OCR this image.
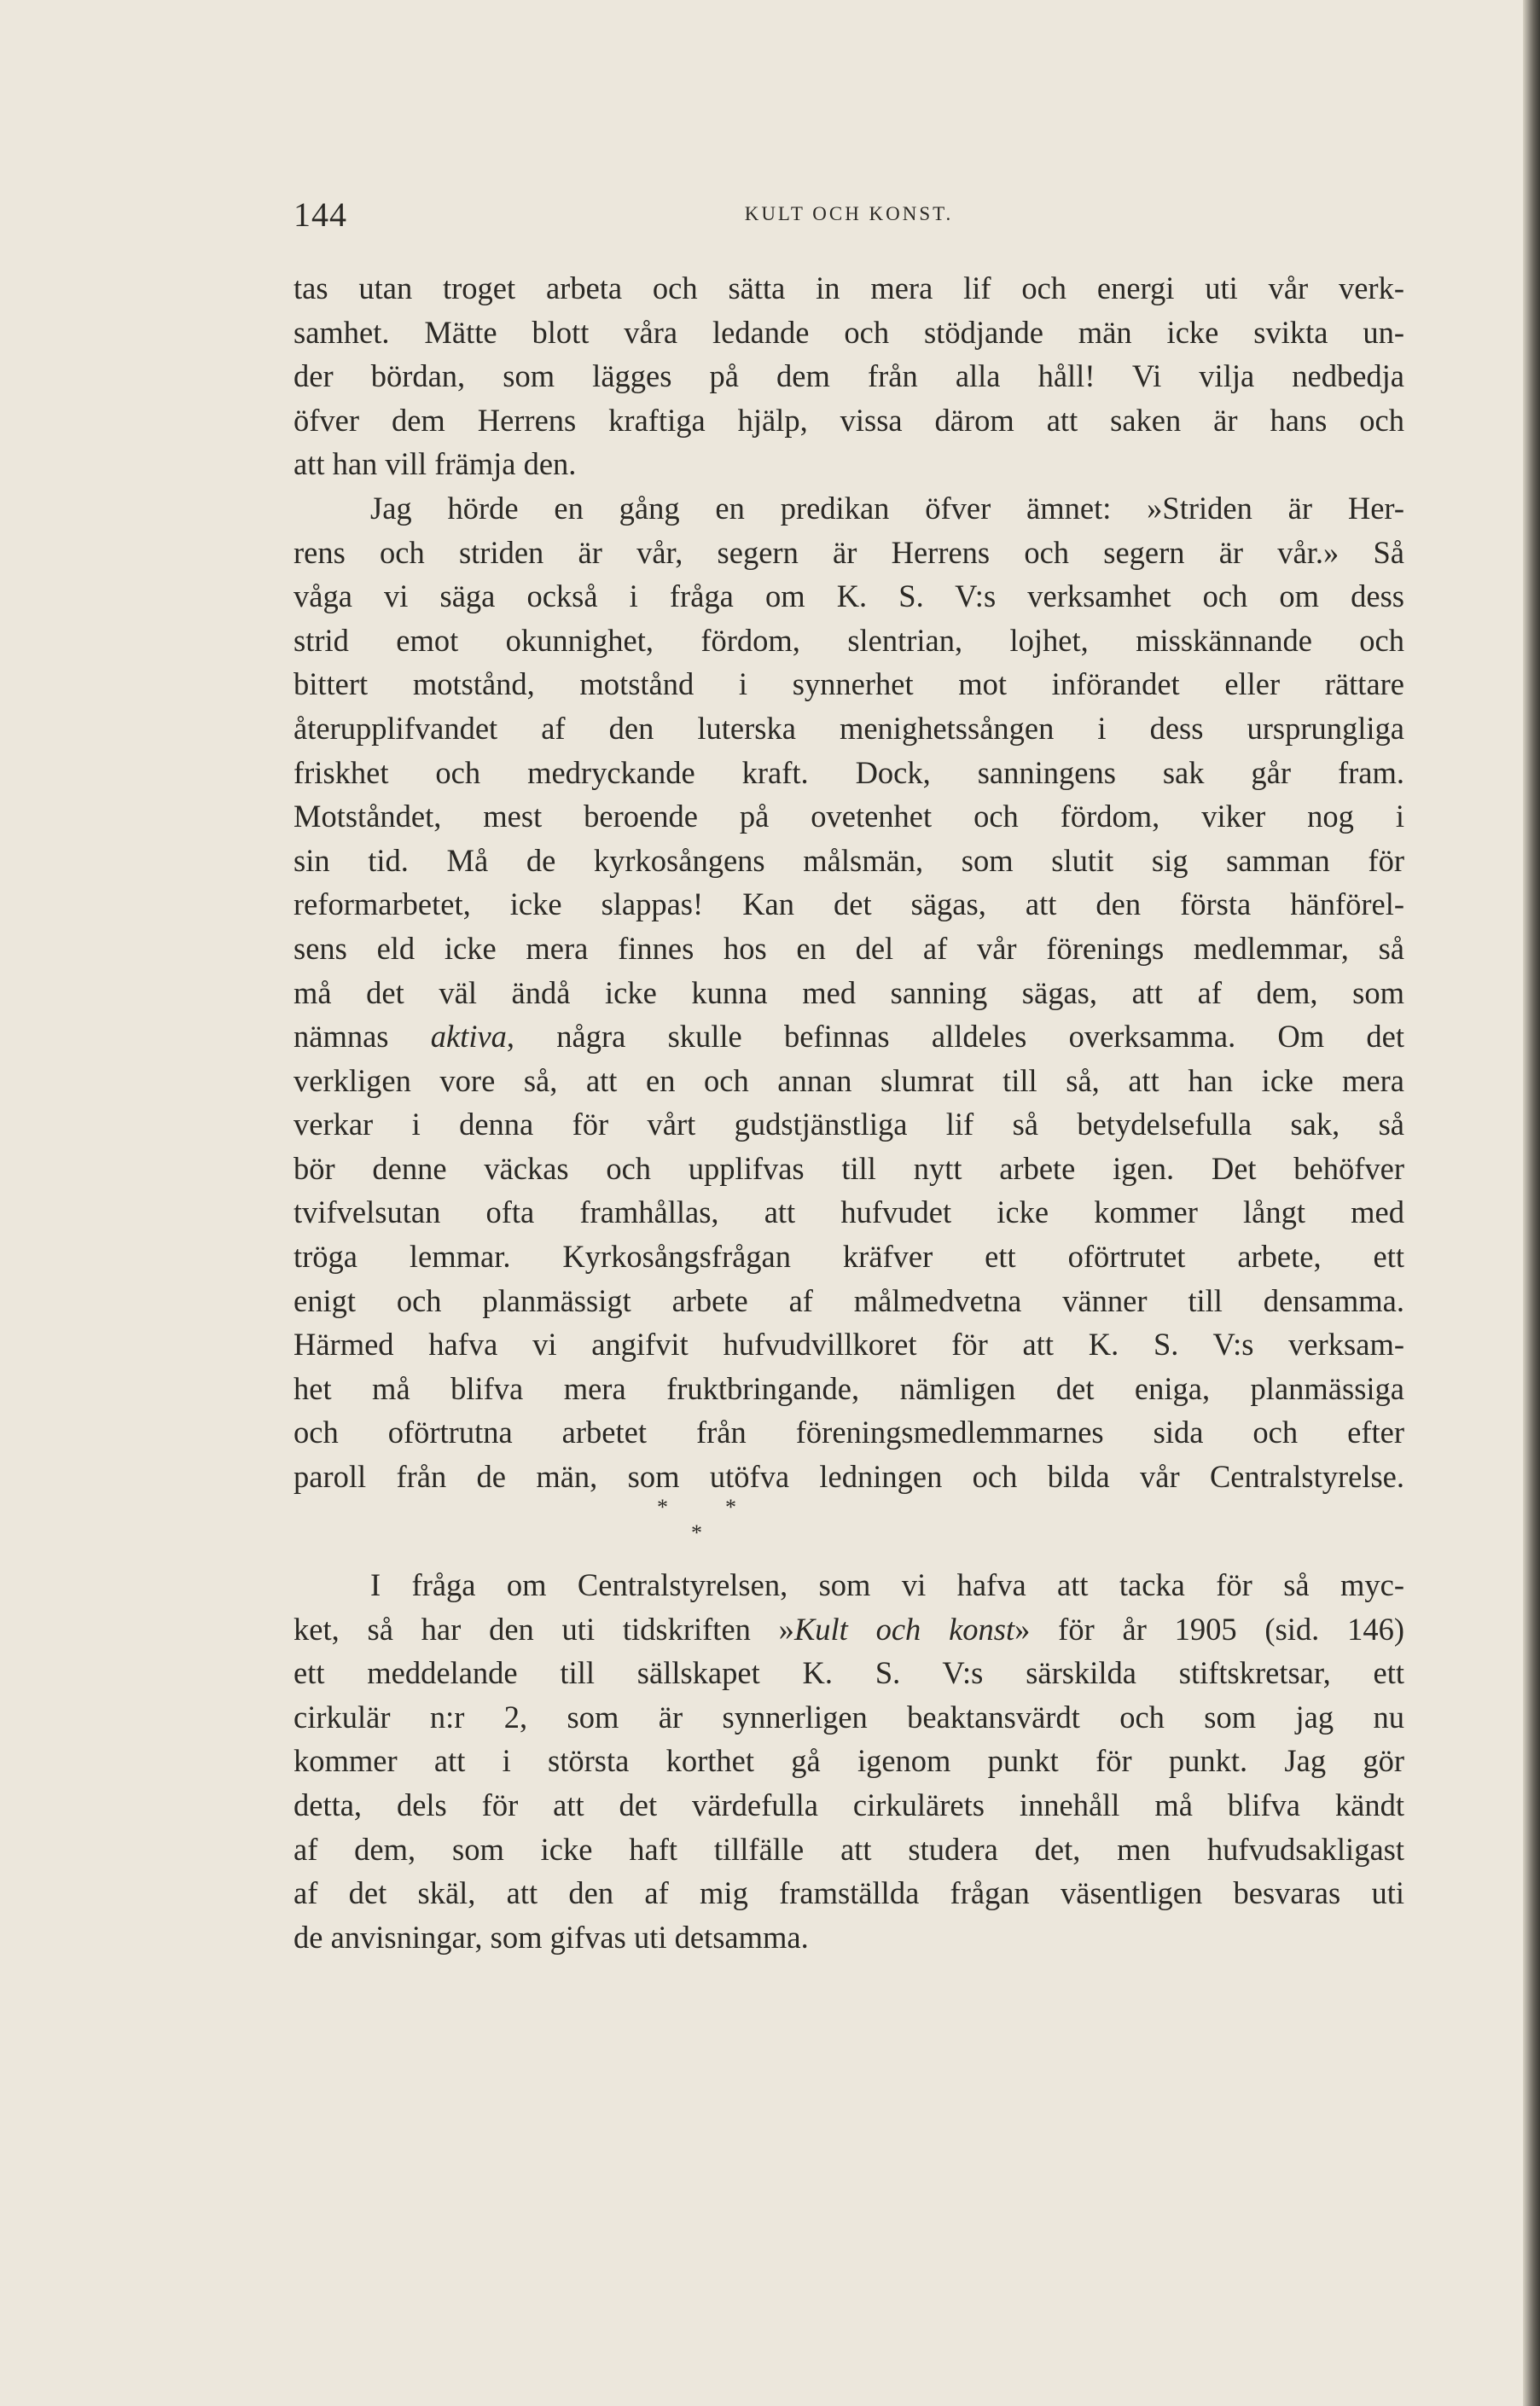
144	KULT OCH KONST.
tas utan troget arbeta och sätta in mera lif och energi uti vår verk-
samhet. Mätte blott våra ledande och stödjande män icke svikta un-
der bördan, som lägges på dem från alla håll! Vi vilja nedbedja
öfver dem Herrens kraftiga hjälp, vissa därom att saken är hans och
att han vill främja den.
Jag hörde en gång en predikan öfver ämnet: »Striden är Her-
rens och striden är vår, segern är Herrens och segern är vår.» Så
våga vi säga också i fråga om K. S. V:s verksamhet och om dess
strid emot okunnighet, fördom, slentrian, lojhet, misskännande och
bittert motstånd, motstånd i synnerhet mot införandet eller rättare
återupplifvandet af den luterska menighetssången i dess ursprungliga
friskhet och medryckande kraft. Dock, sanningens sak går fram.
Motståndet, mest beroende på ovetenhet och fördom, viker nog i
sin tid. Må de kyrkosångens målsmän, som slutit sig samman för
reformarbetet, icke slappas! Kan det sägas, att den första hänförel-
sens eld icke mera finnes hos en del af vår förenings medlemmar, så
må det väl ändå icke kunna med sanning sägas, att af dem, som
nämnas aktiva, några skulle befinnas alldeles overksamma. Om det
verkligen vore så, att en och annan slumrat till så, att han icke mera
verkar i denna för vårt gudstjänstliga lif så betydelsefulla sak, så
bör denne väckas och upplifvas till nytt arbete igen. Det behöfver
tvifvelsutan ofta framhållas, att hufvudet icke kommer långt med
tröga lemmar. Kyrkosångsfrågan kräfver ett oförtrutet arbete, ett
enigt och planmässigt arbete af målmedvetna vänner till densamma.
Härmed hafva vi angifvit hufvudvillkoret för att K. S. V:s verksam-
het må blifva mera fruktbringande, nämligen det eniga, planmässiga
och oförtrutna arbetet från föreningsmedlemmarnes sida och efter
paroll från de män, som utöfva ledningen och bilda vår Centralstyrelse.
*	*
*
I fråga om Centralstyrelsen, som vi hafva att tacka för så myc-
ket, så har den uti tidskriften »Kult och konst» för år 1905 (sid. 146)
ett meddelande till sällskapet K. S. V:s särskilda stiftskretsar, ett
cirkulär n:r 2, som är synnerligen beaktansvärdt och som jag nu
kommer att i största korthet gå igenom punkt för punkt. Jag gör
detta, dels för att det värdefulla cirkulärets innehåll må blifva kändt
af dem, som icke haft tillfälle att studera det, men hufvudsakligast
af det skäl, att den af mig framställda frågan väsentligen besvaras uti
de anvisningar, som gifvas uti detsamma.
